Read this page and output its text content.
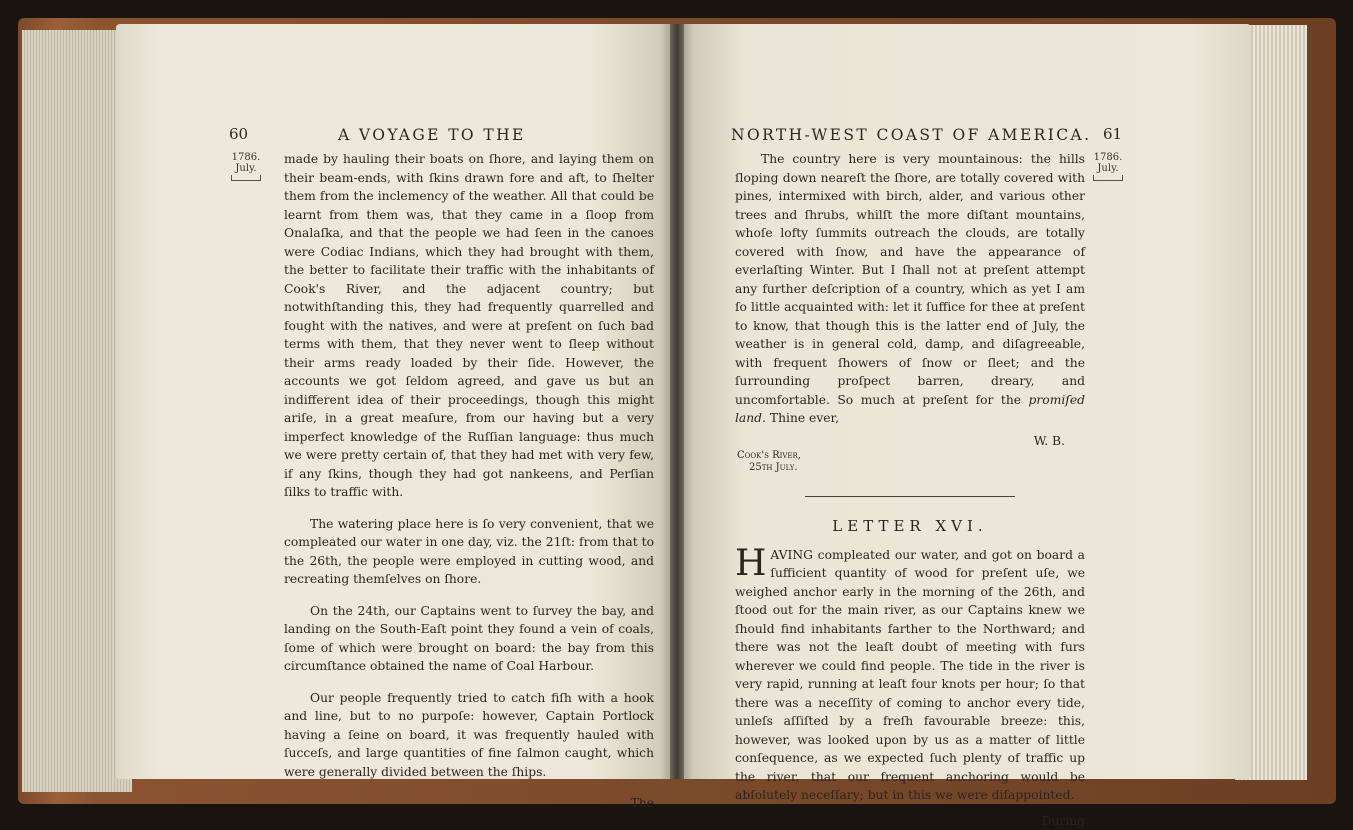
60	A VOYAGE TO THE
1786.
July.

made by hauling their boats on ſhore, and laying them on their beam-ends, with ſkins drawn fore and aft, to ſhelter them from the inclemency of the weather. All that could be learnt from them was, that they came in a ſloop from Onalaſka, and that the people we had ſeen in the canoes were Codiac Indians, which they had brought with them, the better to facilitate their traffic with the inhabitants of Cook's River, and the adjacent country; but notwithſtanding this, they had frequently quarrelled and fought with the natives, and were at preſent on ſuch bad terms with them, that they never went to ſleep without their arms ready loaded by their ſide. However, the accounts we got ſeldom agreed, and gave us but an indifferent idea of their proceedings, though this might ariſe, in a great meaſure, from our having but a very imperfect knowledge of the Ruſſian language: thus much we were pretty certain of, that they had met with very few, if any ſkins, though they had got nankeens, and Perſian ſilks to traffic with.

The watering place here is ſo very convenient, that we compleated our water in one day, viz. the 21ſt: from that to the 26th, the people were employed in cutting wood, and recreating themſelves on ſhore.

On the 24th, our Captains went to ſurvey the bay, and landing on the South-Eaſt point they found a vein of coals, ſome of which were brought on board: the bay from this circumſtance obtained the name of Coal Harbour.

Our people frequently tried to catch fiſh with a hook and line, but to no purpoſe: however, Captain Portlock having a ſeine on board, it was frequently hauled with ſucceſs, and large quantities of fine ſalmon caught, which were generally divided between the ſhips.

The
NORTH-WEST COAST OF AMERICA. 61
1786.
July.

The country here is very mountainous: the hills ſloping down neareſt the ſhore, are totally covered with pines, intermixed with birch, alder, and various other trees and ſhrubs, whilſt the more diſtant mountains, whoſe lofty ſummits outreach the clouds, are totally covered with ſnow, and have the appearance of everlaſting Winter. But I ſhall not at preſent attempt any further deſcription of a country, which as yet I am ſo little acquainted with: let it ſuffice for thee at preſent to know, that though this is the latter end of July, the weather is in general cold, damp, and diſagreeable, with frequent ſhowers of ſnow or ſleet; and the ſurrounding proſpect barren, dreary, and uncomfortable. So much at preſent for the promiſed land. Thine ever,

W. B.
Cook's River,
25th July.
LETTER XVI.

HAVING compleated our water, and got on board a ſufficient quantity of wood for preſent uſe, we weighed anchor early in the morning of the 26th, and ſtood out for the main river, as our Captains knew we ſhould find inhabitants farther to the Northward; and there was not the leaſt doubt of meeting with furs wherever we could find people. The tide in the river is very rapid, running at leaſt four knots per hour; ſo that there was a neceſſity of coming to anchor every tide, unleſs aſſiſted by a freſh favourable breeze: this, however, was looked upon by us as a matter of little conſequence, as we expected ſuch plenty of traffic up the river, that our frequent anchoring would be abſolutely neceſſary; but in this we were diſappointed.

During
